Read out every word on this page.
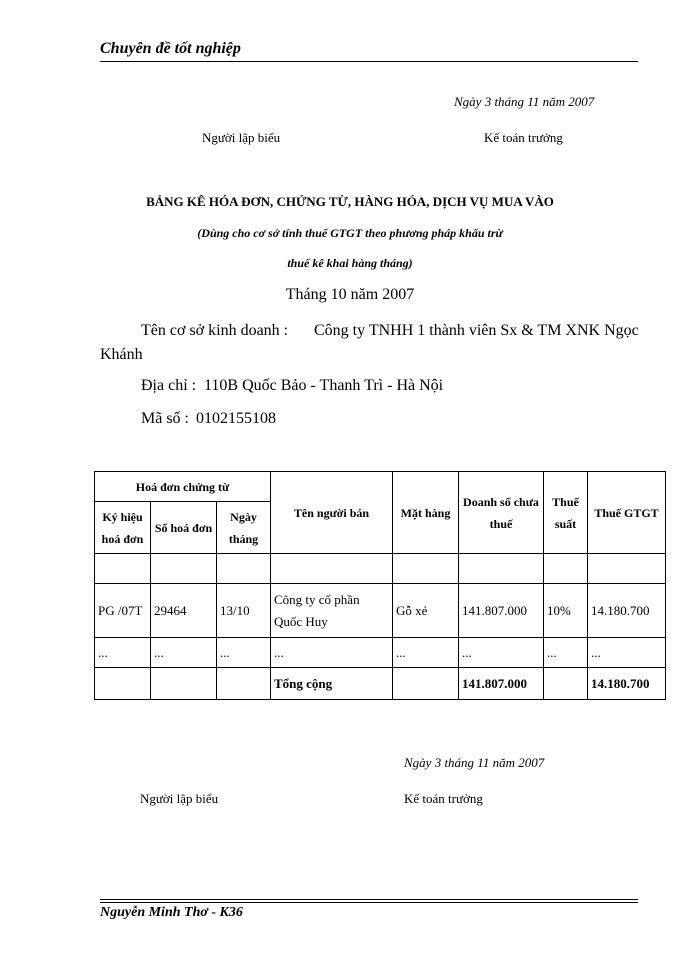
Chuyên đề tốt nghiệp
Ngày 3 tháng 11 năm 2007
Người lập biểu	Kế toán trưởng
BẢNG KÊ HÓA ĐƠN, CHỨNG TỪ, HÀNG HÓA, DỊCH VỤ MUA VÀO
(Dùng cho cơ sở tính thuế GTGT theo phương pháp khấu trừ
thuế kê khai hàng tháng)
Tháng 10 năm 2007
Tên cơ sở kinh doanh : Công ty TNHH 1 thành viên Sx & TM XNK Ngọc
Khánh
Địa chỉ : 110B Quốc Bảo - Thanh Trì - Hà Nội
Mã số : 0102155108
Hoá đơn chứng từ			Tên người bán	Mặt hàng	Doanh số chưa thuế	Thuế suất	Thuế GTGT
Ký hiệu hoá đơn	Số hoá đơn	Ngày tháng					

PG /07T	29464	13/10	Công ty cổ phần Quốc Huy	Gỗ xẻ	141.807.000	10%	14.180.700
...	...	...	...	...	...	...	...
			Tổng cộng		141.807.000		14.180.700
Ngày 3 tháng 11 năm 2007
Người lập biểu	Kế toán trưởng
Nguyễn Minh Thơ - K36
